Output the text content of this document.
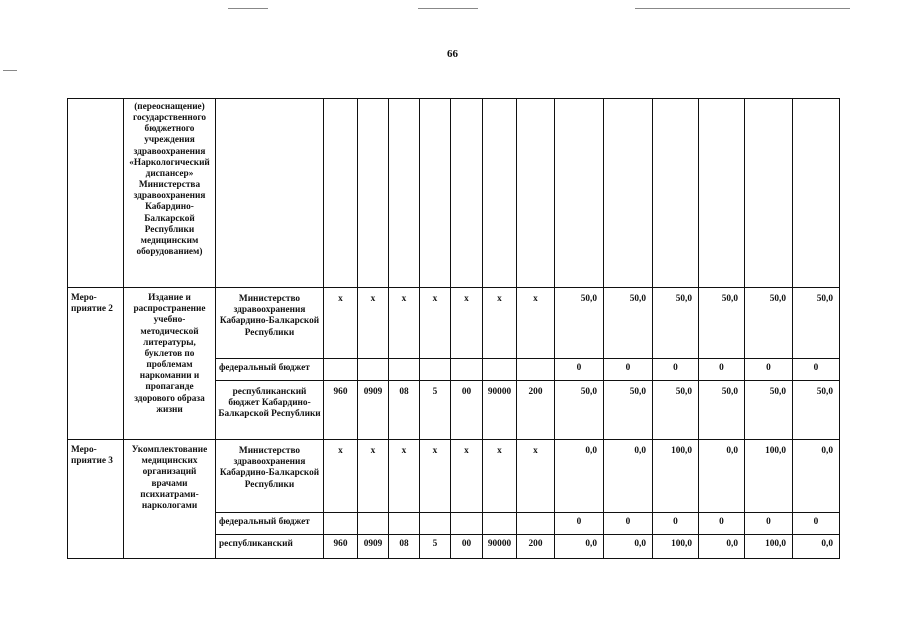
66
	(переоснащение) государственного бюджетного учреждения здравоохранения «Наркологический диспансер» Министерства здравоохранения Кабардино-Балкарской Республики медицинским оборудованием)														
Меро-приятие 2	Издание и распространение учебно-методической литературы, буклетов по проблемам наркомании и пропаганде здорового образа жизни	Министерство здравоохранения Кабардино-Балкарской Республики	x	x	x	x	x	x	x	50,0	50,0	50,0	50,0	50,0	50,0
		федеральный бюджет								0	0	0	0	0	0
		республиканский бюджет Кабардино-Балкарской Республики	960	0909	08	5	00	90000	200	50,0	50,0	50,0	50,0	50,0	50,0
Меро-приятие 3	Укомплектование медицинских организаций врачами психиатрами-наркологами	Министерство здравоохранения Кабардино-Балкарской Республики	x	x	x	x	x	x	x	0,0	0,0	100,0	0,0	100,0	0,0
		федеральный бюджет								0	0	0	0	0	0
		республиканский	960	0909	08	5	00	90000	200	0,0	0,0	100,0	0,0	100,0	0,0
